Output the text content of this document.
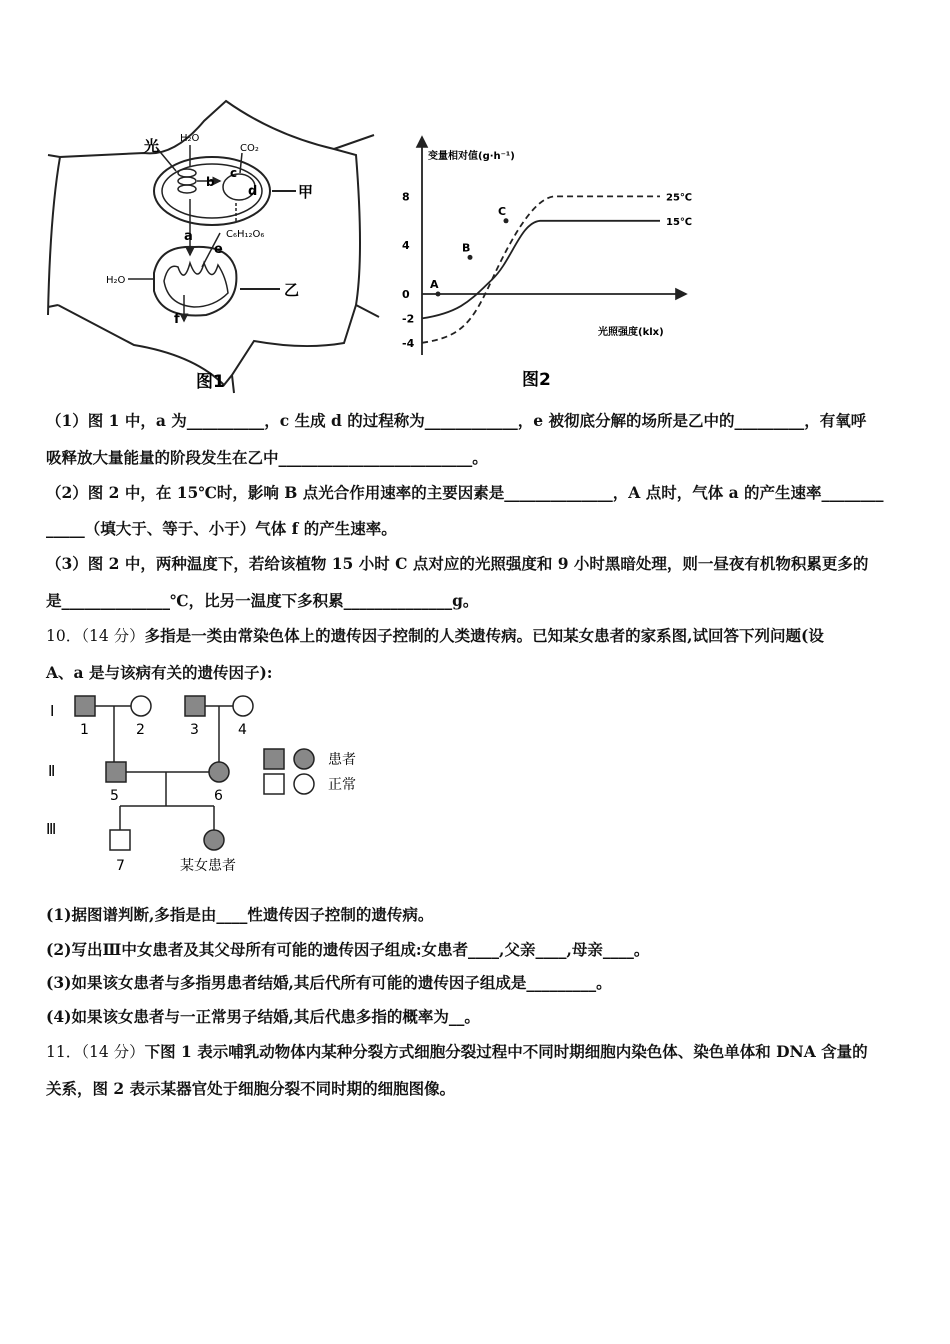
光 H₂O
CO₂
b
c
d
a	C₆H₁₂O₆
e
f
H₂O
甲
乙
图1
变量相对值(g·h⁻¹)
光照强度(klx)
8
4
0
-2
-4
25℃
15℃
A
B
C
图2
（1）图 1 中，a 为__________，c 生成 d 的过程称为____________，e 被彻底分解的场所是乙中的_________，有氧呼
吸释放大量能量的阶段发生在乙中_________________________。
（2）图 2 中，在 15℃时，影响 B 点光合作用速率的主要因素是______________，A 点时，气体 a 的产生速率________
_____（填大于、等于、小于）气体 f 的产生速率。
（3）图 2 中，两种温度下，若给该植物 15 小时 C 点对应的光照强度和 9 小时黑暗处理，则一昼夜有机物积累更多的
是______________℃，比另一温度下多积累______________g。
10．（14 分）多指是一类由常染色体上的遗传因子控制的人类遗传病。已知某女患者的家系图,试回答下列问题(设
A、a 是与该病有关的遗传因子):
Ⅰ
Ⅱ
Ⅲ
1	2	3	4
5	6
7	某女患者
患者
正常
(1)据图谱判断,多指是由____性遗传因子控制的遗传病。
(2)写出Ⅲ中女患者及其父母所有可能的遗传因子组成:女患者____,父亲____,母亲____。
(3)如果该女患者与多指男患者结婚,其后代所有可能的遗传因子组成是_________。
(4)如果该女患者与一正常男子结婚,其后代患多指的概率为__。
11．（14 分）下图 1 表示哺乳动物体内某种分裂方式细胞分裂过程中不同时期细胞内染色体、染色单体和 DNA 含量的
关系，图 2 表示某器官处于细胞分裂不同时期的细胞图像。
